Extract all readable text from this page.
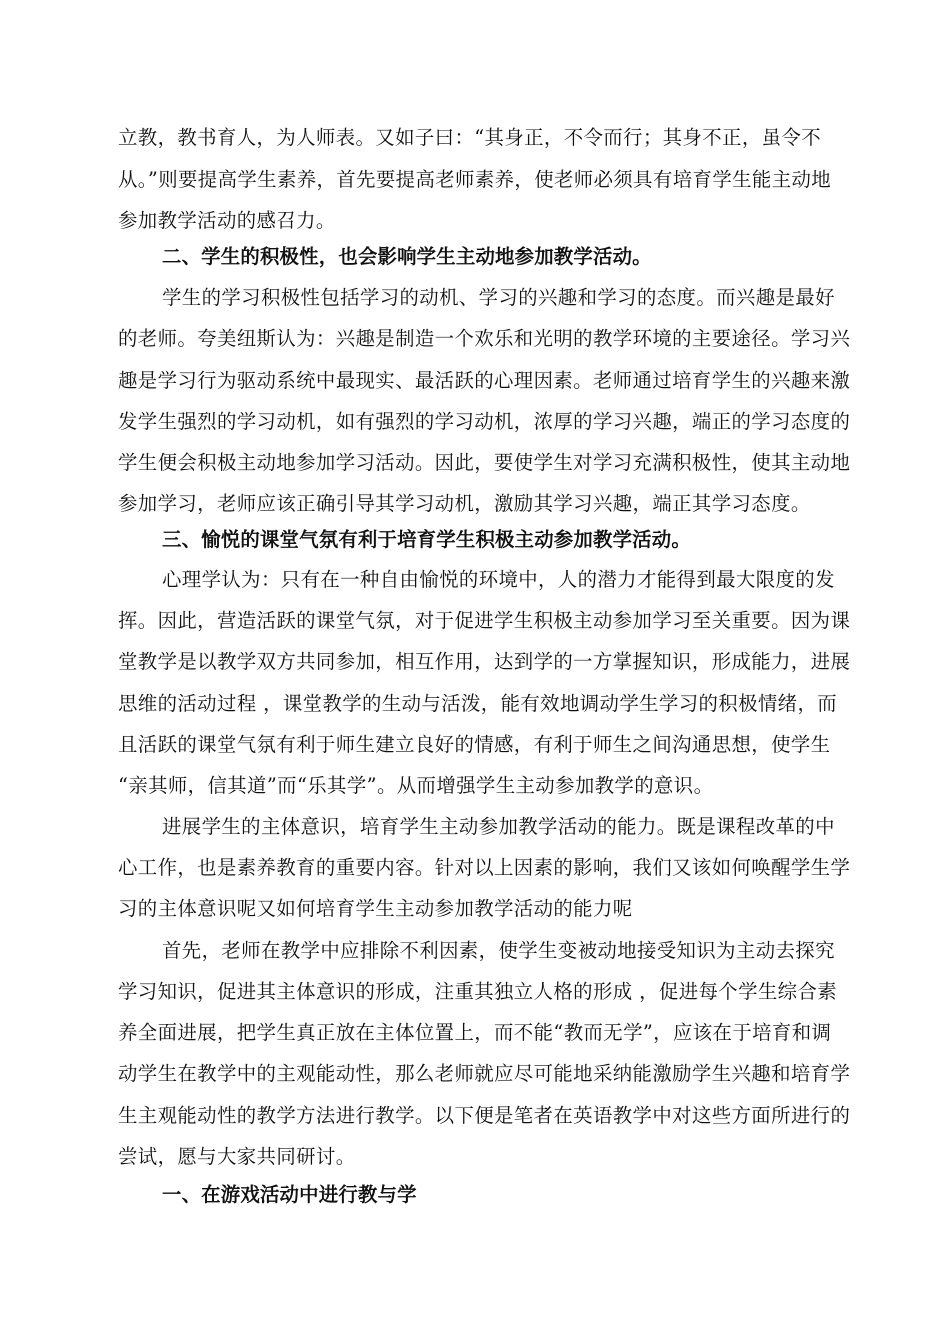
立教，教书育人，为人师表。又如子曰：“其身正，不令而行；其身不正，虽令不
从。”则要提高学生素养，首先要提高老师素养，使老师必须具有培育学生能主动地
参加教学活动的感召力。
二、学生的积极性，也会影响学生主动地参加教学活动。
学生的学习积极性包括学习的动机、学习的兴趣和学习的态度。而兴趣是最好
的老师。夸美纽斯认为：兴趣是制造一个欢乐和光明的教学环境的主要途径。学习兴
趣是学习行为驱动系统中最现实、最活跃的心理因素。老师通过培育学生的兴趣来激
发学生强烈的学习动机，如有强烈的学习动机，浓厚的学习兴趣，端正的学习态度的
学生便会积极主动地参加学习活动。因此，要使学生对学习充满积极性，使其主动地
参加学习，老师应该正确引导其学习动机，激励其学习兴趣，端正其学习态度。
三、愉悦的课堂气氛有利于培育学生积极主动参加教学活动。
心理学认为：只有在一种自由愉悦的环境中，人的潜力才能得到最大限度的发
挥。因此，营造活跃的课堂气氛，对于促进学生积极主动参加学习至关重要。因为课
堂教学是以教学双方共同参加，相互作用，达到学的一方掌握知识，形成能力，进展
思维的活动过程 ，课堂教学的生动与活泼，能有效地调动学生学习的积极情绪，而
且活跃的课堂气氛有利于师生建立良好的情感，有利于师生之间沟通思想，使学生
“亲其师，信其道”而“乐其学”。从而增强学生主动参加教学的意识。
进展学生的主体意识，培育学生主动参加教学活动的能力。既是课程改革的中
心工作，也是素养教育的重要内容。针对以上因素的影响，我们又该如何唤醒学生学
习的主体意识呢又如何培育学生主动参加教学活动的能力呢
首先，老师在教学中应排除不利因素，使学生变被动地接受知识为主动去探究
学习知识，促进其主体意识的形成，注重其独立人格的形成 ，促进每个学生综合素
养全面进展，把学生真正放在主体位置上，而不能“教而无学”，应该在于培育和调
动学生在教学中的主观能动性，那么老师就应尽可能地采纳能激励学生兴趣和培育学
生主观能动性的教学方法进行教学。以下便是笔者在英语教学中对这些方面所进行的
尝试，愿与大家共同研讨。
一、在游戏活动中进行教与学
